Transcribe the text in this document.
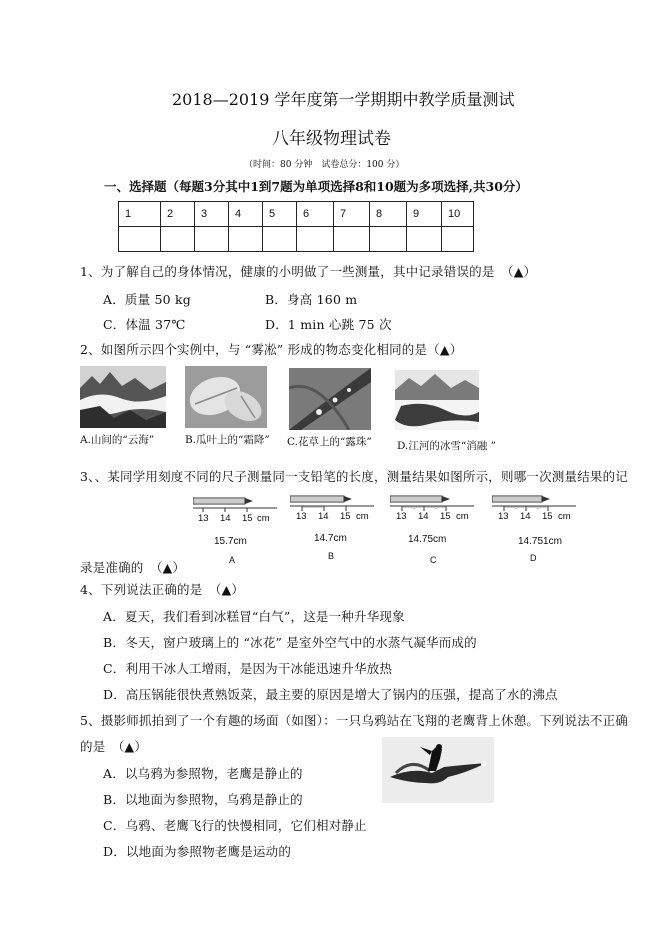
2018—2019 学年度第一学期期中教学质量测试
八年级物理试卷
（时间：80 分钟　试卷总分：100 分）
一、选择题（每题3分其中1到7题为单项选择8和10题为多项选择,共30分）
1	2	3	4	5	6	7	8	9	10

1、为了解自己的身体情况，健康的小明做了一些测量，其中记录错误的是　（▲）
A．质量 50 kg	B．身高 160 m
C．体温 37℃	D．1 min 心跳 75 次
2、如图所示四个实例中，与 “雾凇” 形成的物态变化相同的是（▲）
A.山间的“云海”	B.瓜叶上的“霜降” C.花草上的“露珠” D.江河的冰雪“消融 ”
3、、某同学用刻度不同的尺子测量同一支铅笔的长度，测量结果如图所示，则哪一次测量结果的记
13 14 15 cm	13 14 15 cm	13 14 15 cm	13 14 15 cm
15.7cm
A
14.7cm
B
14.75cm
C
14.751cm
D
录是准确的　（▲）
4、下列说法正确的是　（▲）
A．夏天，我们看到冰糕冒“白气”，这是一种升华现象
B．冬天，窗户玻璃上的 “冰花” 是室外空气中的水蒸气凝华而成的
C．利用干冰人工增雨，是因为干冰能迅速升华放热
D．高压锅能很快煮熟饭菜，最主要的原因是增大了锅内的压强，提高了水的沸点
5、摄影师抓拍到了一个有趣的场面（如图）：一只乌鸦站在飞翔的老鹰背上休憩。下列说法不正确
的是　（▲）
A．以乌鸦为参照物，老鹰是静止的
B．以地面为参照物，乌鸦是静止的
C．乌鸦、老鹰飞行的快慢相同，它们相对静止
D．以地面为参照物老鹰是运动的
